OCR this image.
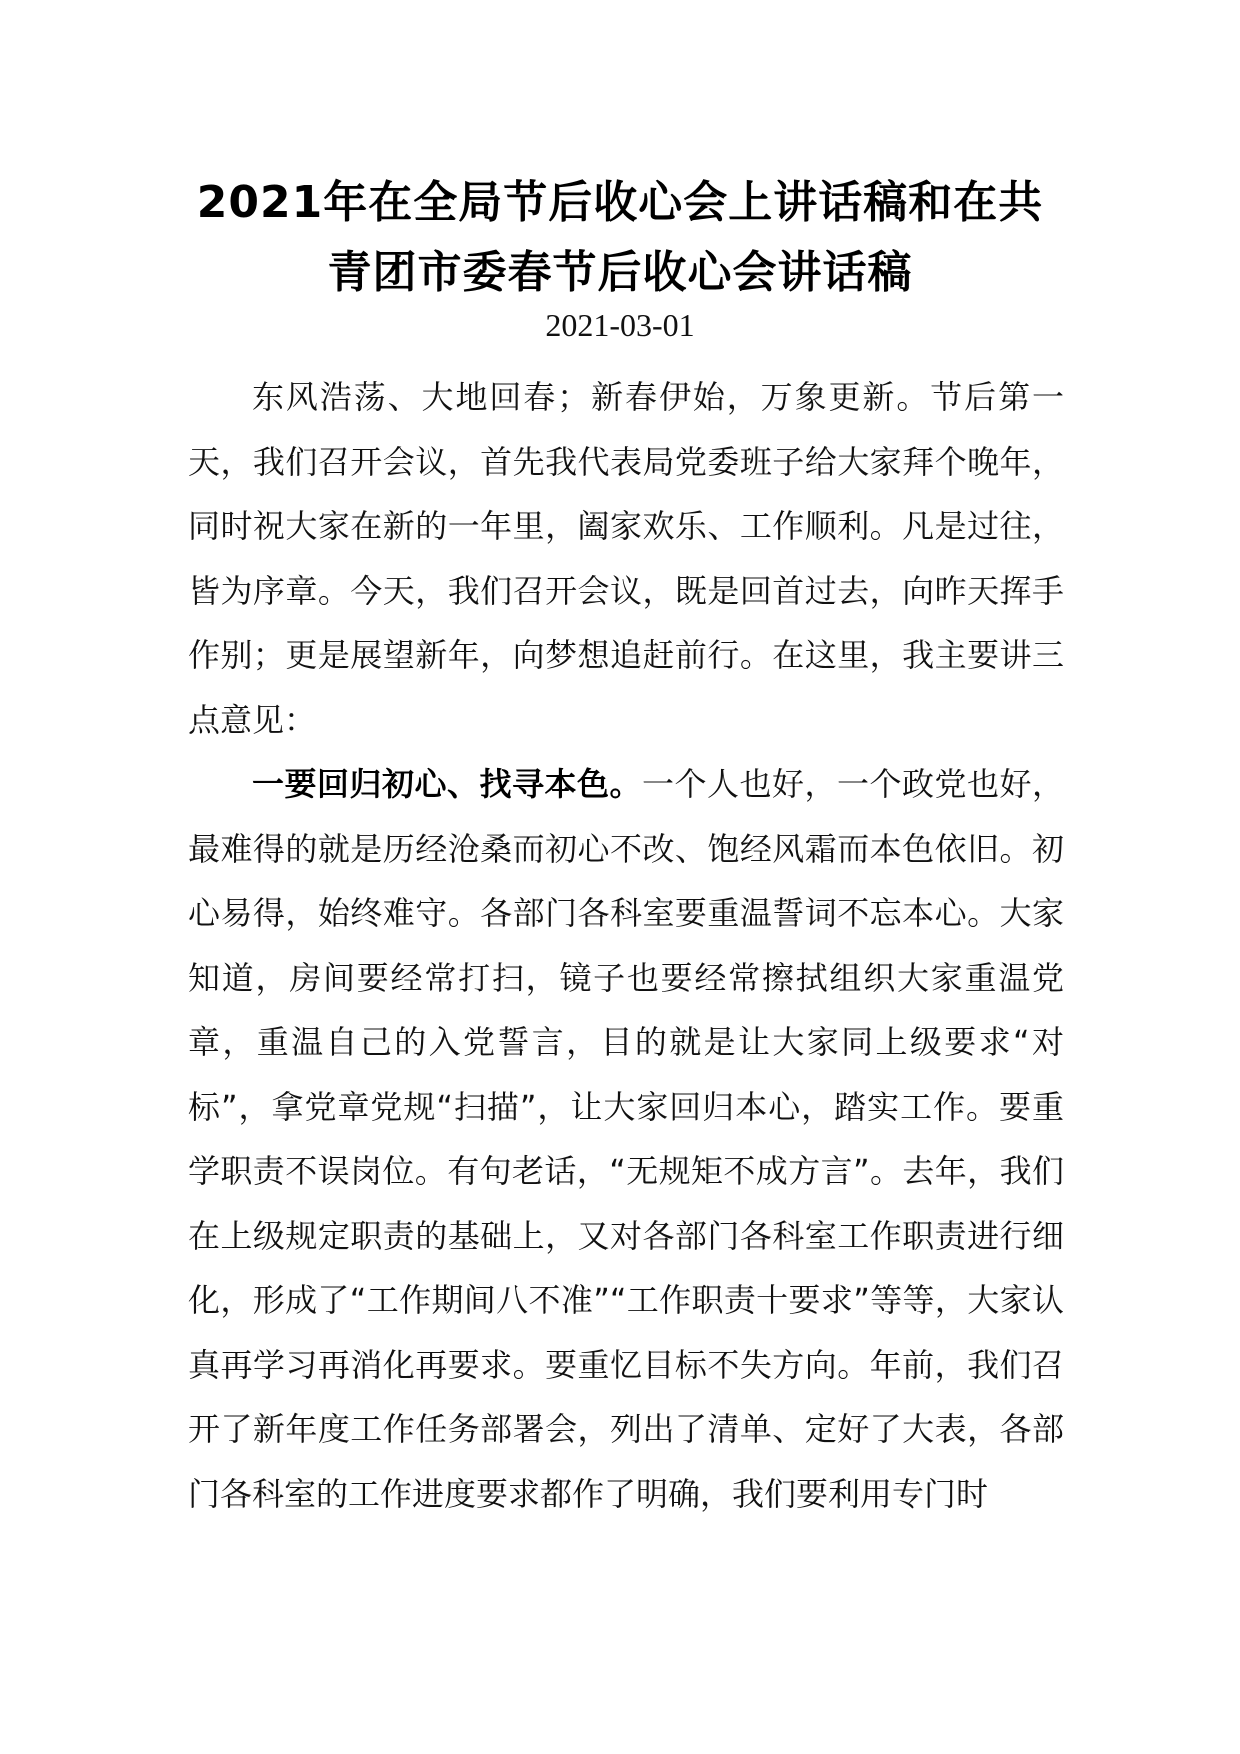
2021年在全局节后收心会上讲话稿和在共
青团市委春节后收心会讲话稿
2021-03-01

东风浩荡、大地回春；新春伊始，万象更新。节后第一天，我们召开会议，首先我代表局党委班子给大家拜个晚年，同时祝大家在新的一年里，阖家欢乐、工作顺利。凡是过往，皆为序章。今天，我们召开会议，既是回首过去，向昨天挥手作别；更是展望新年，向梦想追赶前行。在这里，我主要讲三点意见：

一要回归初心、找寻本色。一个人也好，一个政党也好，最难得的就是历经沧桑而初心不改、饱经风霜而本色依旧。初心易得，始终难守。各部门各科室要重温誓词不忘本心。大家知道，房间要经常打扫，镜子也要经常擦拭组织大家重温党章，重温自己的入党誓言，目的就是让大家同上级要求“对标”，拿党章党规“扫描”，让大家回归本心，踏实工作。要重学职责不误岗位。有句老话，“无规矩不成方言”。去年，我们在上级规定职责的基础上，又对各部门各科室工作职责进行细化，形成了“工作期间八不准”“工作职责十要求”等等，大家认真再学习再消化再要求。要重忆目标不失方向。年前，我们召开了新年度工作任务部署会，列出了清单、定好了大表，各部门各科室的工作进度要求都作了明确，我们要利用专门时
